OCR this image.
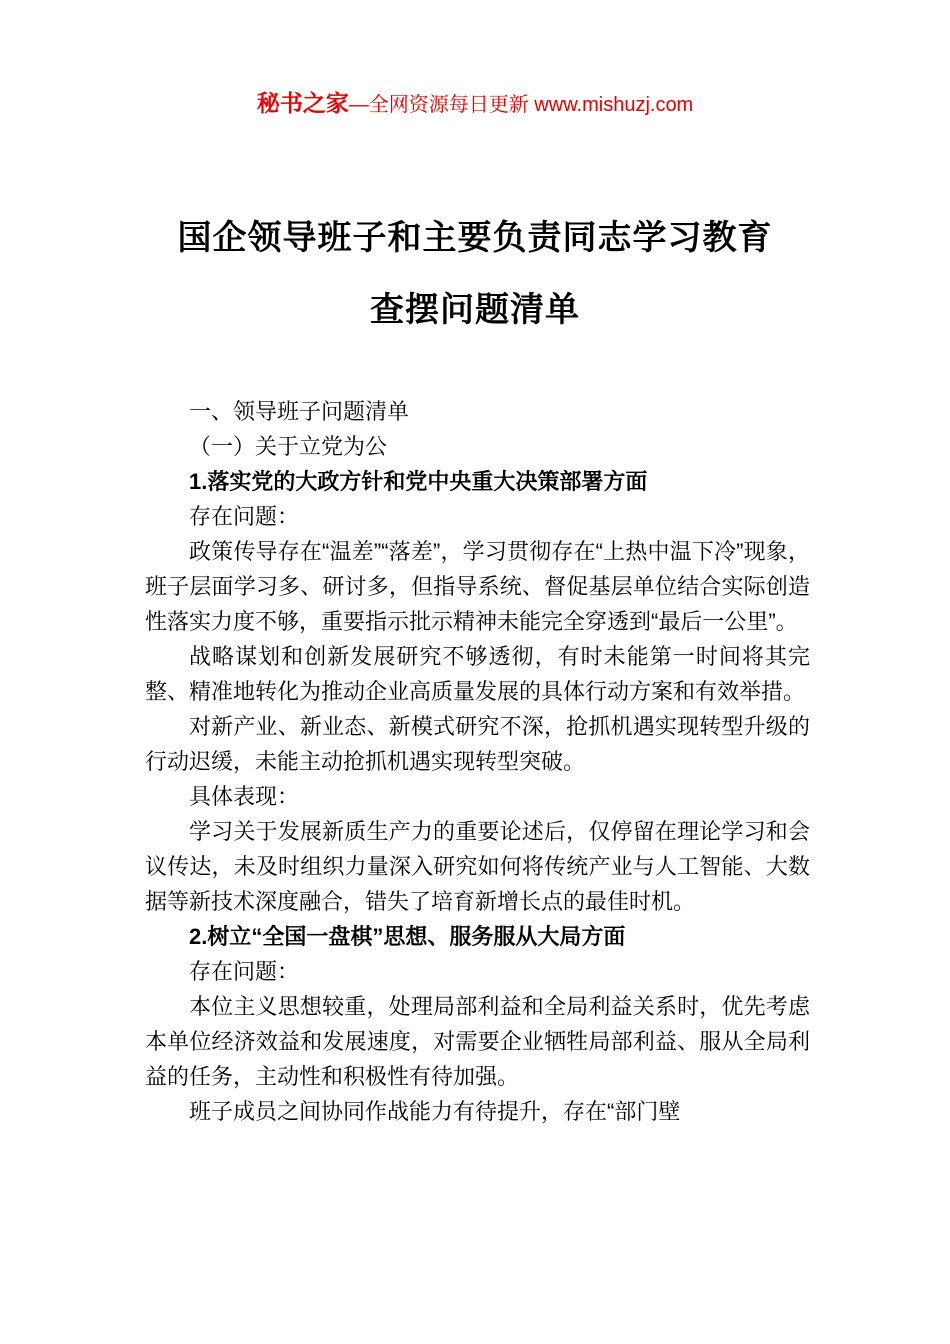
秘书之家—全网资源每日更新 www.mishuzj.com
国企领导班子和主要负责同志学习教育
查摆问题清单

一、领导班子问题清单

（一）关于立党为公

1.落实党的大政方针和党中央重大决策部署方面

存在问题：

政策传导存在“温差”“落差”，学习贯彻存在“上热中温下冷”现象，班子层面学习多、研讨多，但指导系统、督促基层单位结合实际创造性落实力度不够，重要指示批示精神未能完全穿透到“最后一公里”。

战略谋划和创新发展研究不够透彻，有时未能第一时间将其完整、精准地转化为推动企业高质量发展的具体行动方案和有效举措。

对新产业、新业态、新模式研究不深，抢抓机遇实现转型升级的行动迟缓，未能主动抢抓机遇实现转型突破。

具体表现：

学习关于发展新质生产力的重要论述后，仅停留在理论学习和会议传达，未及时组织力量深入研究如何将传统产业与人工智能、大数据等新技术深度融合，错失了培育新增长点的最佳时机。

2.树立“全国一盘棋”思想、服务服从大局方面

存在问题：

本位主义思想较重，处理局部利益和全局利益关系时，优先考虑本单位经济效益和发展速度，对需要企业牺牲局部利益、服从全局利益的任务，主动性和积极性有待加强。

班子成员之间协同作战能力有待提升，存在“部门壁
